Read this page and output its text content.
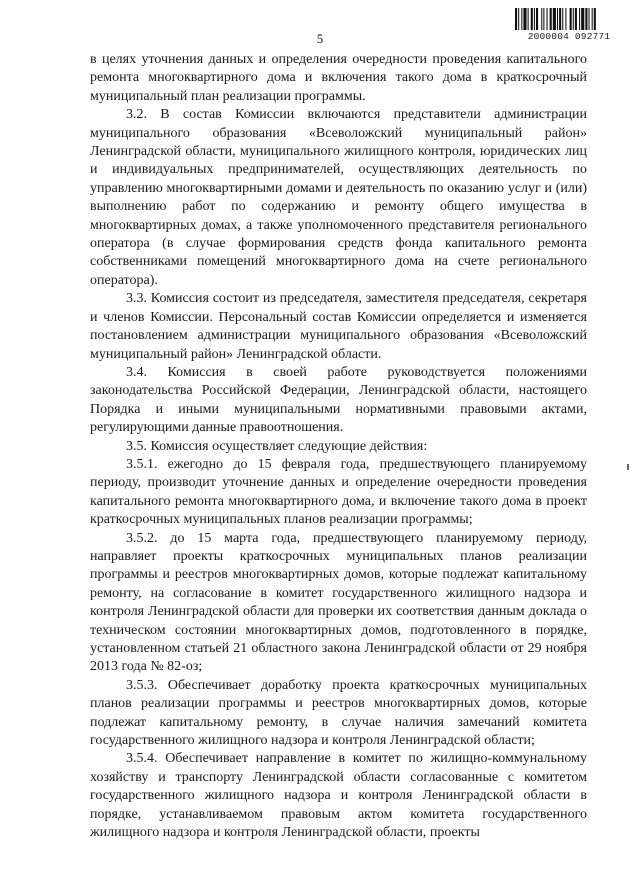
5	2000004 092771

в целях уточнения данных и определения очередности проведения капитального ремонта многоквартирного дома и включения такого дома в краткосрочный муниципальный план реализации программы.

3.2. В состав Комиссии включаются представители администрации муниципального образования «Всеволожский муниципальный район» Ленинградской области, муниципального жилищного контроля, юридических лиц и индивидуальных предпринимателей, осуществляющих деятельность по управлению многоквартирными домами и деятельность по оказанию услуг и (или) выполнению работ по содержанию и ремонту общего имущества в многоквартирных домах, а также уполномоченного представителя регионального оператора (в случае формирования средств фонда капитального ремонта собственниками помещений многоквартирного дома на счете регионального оператора).

3.3. Комиссия состоит из председателя, заместителя председателя, секретаря и членов Комиссии. Персональный состав Комиссии определяется и изменяется постановлением администрации муниципального образования «Всеволожский муниципальный район» Ленинградской области.

3.4. Комиссия в своей работе руководствуется положениями законодательства Российской Федерации, Ленинградской области, настоящего Порядка и иными муниципальными нормативными правовыми актами, регулирующими данные правоотношения.

3.5. Комиссия осуществляет следующие действия:

3.5.1. ежегодно до 15 февраля года, предшествующего планируемому периоду, производит уточнение данных и определение очередности проведения капитального ремонта многоквартирного дома, и включение такого дома в проект краткосрочных муниципальных планов реализации программы;

3.5.2. до 15 марта года, предшествующего планируемому периоду, направляет проекты краткосрочных муниципальных планов реализации программы и реестров многоквартирных домов, которые подлежат капитальному ремонту, на согласование в комитет государственного жилищного надзора и контроля Ленинградской области для проверки их соответствия данным доклада о техническом состоянии многоквартирных домов, подготовленного в порядке, установленном статьей 21 областного закона Ленинградской области от 29 ноября 2013 года № 82-оз;

3.5.3. Обеспечивает доработку проекта краткосрочных муниципальных планов реализации программы и реестров многоквартирных домов, которые подлежат капитальному ремонту, в случае наличия замечаний комитета государственного жилищного надзора и контроля Ленинградской области;

3.5.4. Обеспечивает направление в комитет по жилищно-коммунальному хозяйству и транспорту Ленинградской области согласованные с комитетом государственного жилищного надзора и контроля Ленинградской области в порядке, устанавливаемом правовым актом комитета государственного жилищного надзора и контроля Ленинградской области, проекты
